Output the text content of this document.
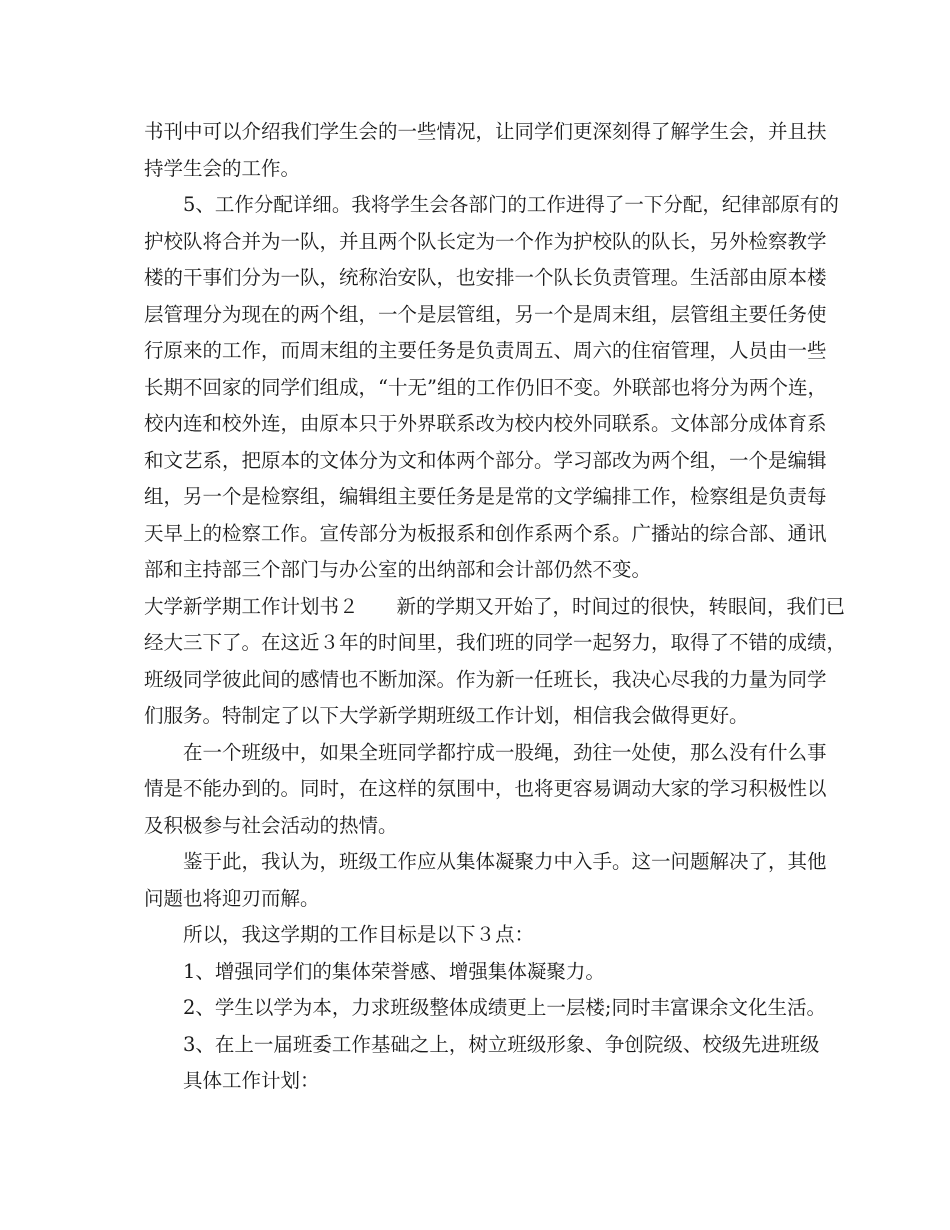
书刊中可以介绍我们学生会的一些情况，让同学们更深刻得了解学生会，并且扶
持学生会的工作。
5、工作分配详细。我将学生会各部门的工作进得了一下分配，纪律部原有的
护校队将合并为一队，并且两个队长定为一个作为护校队的队长，另外检察教学
楼的干事们分为一队，统称治安队，也安排一个队长负责管理。生活部由原本楼
层管理分为现在的两个组，一个是层管组，另一个是周末组，层管组主要任务使
行原来的工作，而周末组的主要任务是负责周五、周六的住宿管理，人员由一些
长期不回家的同学们组成，“十无”组的工作仍旧不变。外联部也将分为两个连，
校内连和校外连，由原本只于外界联系改为校内校外同联系。文体部分成体育系
和文艺系，把原本的文体分为文和体两个部分。学习部改为两个组，一个是编辑
组，另一个是检察组，编辑组主要任务是是常的文学编排工作，检察组是负责每
天早上的检察工作。宣传部分为板报系和创作系两个系。广播站的综合部、通讯
部和主持部三个部门与办公室的出纳部和会计部仍然不变。
大学新学期工作计划书２ 新的学期又开始了，时间过的很快，转眼间，我们已
经大三下了。在这近３年的时间里，我们班的同学一起努力，取得了不错的成绩，
班级同学彼此间的感情也不断加深。作为新一任班长，我决心尽我的力量为同学
们服务。特制定了以下大学新学期班级工作计划，相信我会做得更好。
在一个班级中，如果全班同学都拧成一股绳，劲往一处使，那么没有什么事
情是不能办到的。同时，在这样的氛围中，也将更容易调动大家的学习积极性以
及积极参与社会活动的热情。
鉴于此，我认为，班级工作应从集体凝聚力中入手。这一问题解决了，其他
问题也将迎刃而解。
所以，我这学期的工作目标是以下３点：
1、增强同学们的集体荣誉感、增强集体凝聚力。
2、学生以学为本，力求班级整体成绩更上一层楼;同时丰富课余文化生活。
3、在上一届班委工作基础之上，树立班级形象、争创院级、校级先进班级
具体工作计划：
